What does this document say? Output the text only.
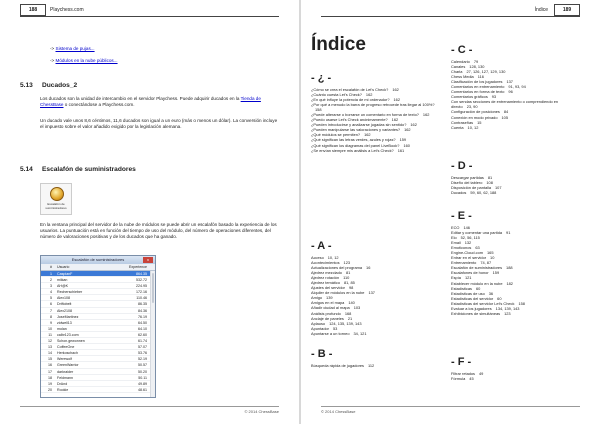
188	Playchess.com
-> Sistema de pujas...
-> Módulos en la nube públicos...
5.13 Ducados_2
Los ducados son la unidad de intercambio en el servidor Playchess. Puede adquirir ducados en la Tienda de ChessBase o conectándose a Playchess.com.
Un ducado vale unos 8,6 céntimos, 11,6 ducados son igual a un euro (más o menos un dólar). La conversión incluye el impuesto sobre el valor añadido exigido por la legislación alemana.
5.14 Escalafón de suministradores
Escalafón de suministradores
En la ventana principal del servidor de la nube de módulos se puede abrir un escalafón basado la experiencia de los usuarios. La puntuación está en función del tiempo de uso del módulo, del número de operaciones diferentes, del número de valoraciones positivas y de los ducados que ha ganado.
Escalafón de suministradores	x
#	Usuario	Experience
1	CaspianF	864.35
2	miikan	532.72
3	AH@K	224.95
4	Recherschieber	172.16
5	Alex108	110.46
6	Driftobelt	86.35
7	Alex2108	84.36
8	JoseMartinez	76.19
9	zidwell13	64.50
10	molan	64.10
11	calbr123.com	62.60
12	Schon.gewonnen	61.74
13	CoffeeOne	57.07
14	Herkoschach	53.76
15	Werewolf	52.19
16	GreenWarrior	50.57
17	darkraider	50.20
18	Feldmann	50.11
19	DrAnd	49.89
20	Rookie	48.61
© 2014 ChessBase
Índice	189
Índice
- ¿ -
¿Cómo se crea el escalafón de Let's Check? 162
¿Cuánto cuesta Let's Check? 162
¿En qué influye la potencia de mi ordenador? 162
¿Por qué a menudo la barra de progreso retrocede tras llegar al 100%?158
¿Puede alterarse o borrarse un comentario en forma de texto? 162
¿Puedo usarse Let's Check anónimamente? 162
¿Pueden introducirse y analizarse jugadas sin sentido? 162
¿Pueden manipularse las valoraciones y variantes? 162
¿Qué módulos se permiten? 162
¿Qué significan las letras verdes, azules y rojas? 159
¿Qué significan los diagramas del panel LiveBook? 160
¿Se envían siempre mis análisis a Let's Check? 161
- A -
Acceso 10, 12
Acontecimientos 123
Actualizaciones del programa 16
Ajedrez mezclado 81
Ajedrez rotación 110
Ajedrez temático 81, 85
Ajustes del servidor 98
Alquiler de módulos en la nube 137
Amigo 139
Amigos en el mapa 140
Añadir ciudad al mapa 103
Análisis profundo 168
Anclaje de paneles 21
Aplauso 124, 135, 139, 143
Apuntador 53
Apuntarse a un torneo 34, 121
- B -
Búsqueda rápida de jugadores 112
- C -
Calendario 79
Canales 128, 130
Charla 27, 126, 127, 129, 130
Chess Media 116
Clasificación de los jugadores 137
Comentarios en entrenamiento 91, 93, 94
Comentarios en forma de texto 96
Comentarios gráficos 93
Con sendas secciones de entrenamiento o comprendiendo en directo 23, 90
Configuración de posiciones 84
Conexión en modo privado 105
Contraseñas 15
Cuenta 10, 12
- D -
Descargar partidas 81
Diseño del tablero 108
Disposición de pantalla 107
Ducados 59, 60, 62, 188
- E -
ECO 146
Editar y comentar una partida 91
Elo 52, 56, 115
Email 132
Emoticonos 63
Engine-Cloud.com 165
Entrar en el servidor 10
Entrenamiento 74, 87
Escalafón de suministradores 188
Escalafones de honor 159
Espía 121
Establecer módulo en la nube 182
Estadísticas 60
Estadísticas de uso 36
Estadísticas del servidor 60
Estadísticas del servidor Let's Check 158
Evaluar a los jugadores 134, 139, 143
Exhibiciones de simultáneas 123
- F -
Filtrar retados 49
Fórmula 45
© 2014 ChessBase
